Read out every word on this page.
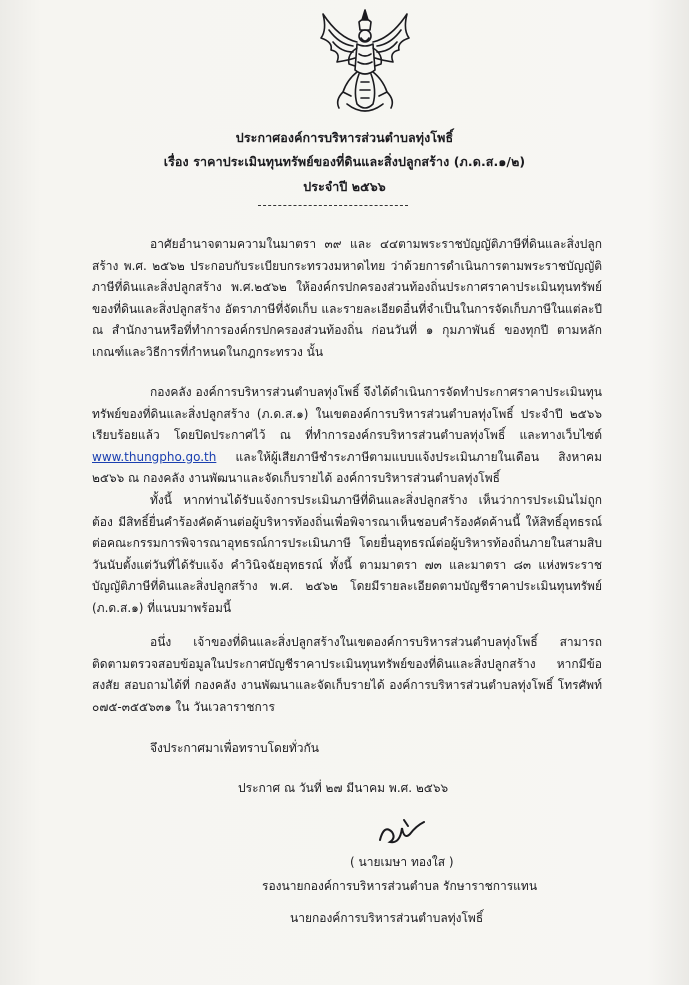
ประกาศองค์การบริหารส่วนตำบลทุ่งโพธิ์
เรื่อง ราคาประเมินทุนทรัพย์ของที่ดินและสิ่งปลูกสร้าง (ภ.ด.ส.๑/๒)
ประจำปี ๒๕๖๖
อาศัยอำนาจตามความในมาตรา ๓๙ และ ๔๔ตามพระราชบัญญัติภาษีที่ดินและสิ่งปลูกสร้าง พ.ศ. ๒๕๖๒ ประกอบกับระเบียบกระทรวงมหาดไทย ว่าด้วยการดำเนินการตามพระราชบัญญัติภาษีที่ดินและสิ่งปลูกสร้าง พ.ศ.๒๕๖๒ ให้องค์กรปกครองส่วนท้องถิ่นประกาศราคาประเมินทุนทรัพย์ของที่ดินและสิ่งปลูกสร้าง อัตราภาษีที่จัดเก็บ และรายละเอียดอื่นที่จำเป็นในการจัดเก็บภาษีในแต่ละปี ณ สำนักงานหรือที่ทำการองค์กรปกครองส่วนท้องถิ่น ก่อนวันที่ ๑ กุมภาพันธ์ ของทุกปี ตามหลักเกณฑ์และวิธีการที่กำหนดในกฎกระทรวง นั้น
กองคลัง องค์การบริหารส่วนตำบลทุ่งโพธิ์ จึงได้ดำเนินการจัดทำประกาศราคาประเมินทุนทรัพย์ของที่ดินและสิ่งปลูกสร้าง (ภ.ด.ส.๑) ในเขตองค์การบริหารส่วนตำบลทุ่งโพธิ์ ประจำปี ๒๕๖๖ เรียบร้อยแล้ว โดยปิดประกาศไว้ ณ ที่ทำการองค์กรบริหารส่วนตำบลทุ่งโพธิ์ และทางเว็บไซต์ www.thungpho.go.th และให้ผู้เสียภาษีชำระภาษีตามแบบแจ้งประเมินภายในเดือน สิงหาคม ๒๕๖๖ ณ กองคลัง งานพัฒนาและจัดเก็บรายได้ องค์การบริหารส่วนตำบลทุ่งโพธิ์
ทั้งนี้ หากท่านได้รับแจ้งการประเมินภาษีที่ดินและสิ่งปลูกสร้าง เห็นว่าการประเมินไม่ถูกต้อง มีสิทธิ์ยื่นคำร้องคัดค้านต่อผู้บริหารท้องถิ่นเพื่อพิจารณาเห็นชอบคำร้องคัดค้านนี้ ให้สิทธิ์อุทธรณ์ต่อคณะกรรมการพิจารณาอุทธรณ์การประเมินภาษี โดยยื่นอุทธรณ์ต่อผู้บริหารท้องถิ่นภายในสามสิบวันนับตั้งแต่วันที่ได้รับแจ้ง คำวินิจฉัยอุทธรณ์ ทั้งนี้ ตามมาตรา ๗๓ และมาตรา ๘๓ แห่งพระราชบัญญัติภาษีที่ดินและสิ่งปลูกสร้าง พ.ศ. ๒๕๖๒ โดยมีรายละเอียดตามบัญชีราคาประเมินทุนทรัพย์ (ภ.ด.ส.๑) ที่แนบมาพร้อมนี้
อนึ่ง เจ้าของที่ดินและสิ่งปลูกสร้างในเขตองค์การบริหารส่วนตำบลทุ่งโพธิ์ สามารถติดตามตรวจสอบข้อมูลในประกาศบัญชีราคาประเมินทุนทรัพย์ของที่ดินและสิ่งปลูกสร้าง หากมีข้อสงสัย สอบถามได้ที่ กองคลัง งานพัฒนาและจัดเก็บรายได้ องค์การบริหารส่วนตำบลทุ่งโพธิ์ โทรศัพท์ ๐๗๕-๓๕๕๖๓๑ ใน วันเวลาราชการ
จึงประกาศมาเพื่อทราบโดยทั่วกัน
ประกาศ ณ วันที่ ๒๗ มีนาคม พ.ศ. ๒๕๖๖
( นายเมษา ทองใส )
รองนายกองค์การบริหารส่วนตำบล รักษาราชการแทน
นายกองค์การบริหารส่วนตำบลทุ่งโพธิ์
